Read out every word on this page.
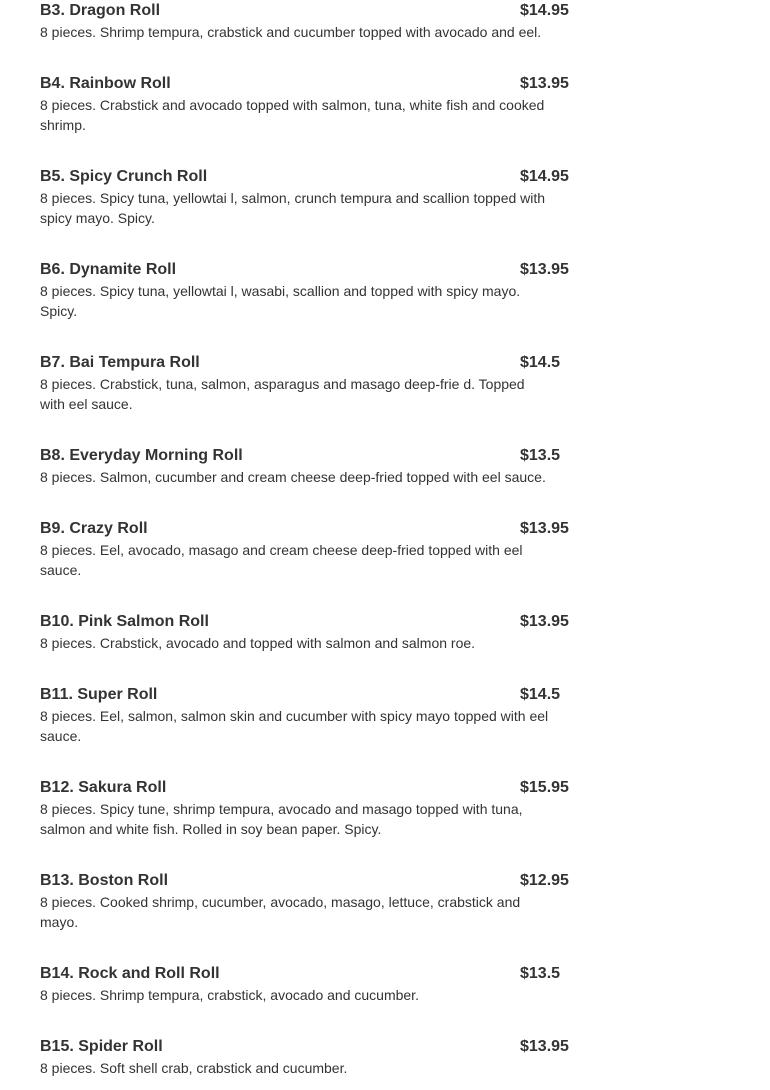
B3. Dragon Roll	$14.95
8 pieces. Shrimp tempura, crabstick and cucumber topped with avocado and eel.
B4. Rainbow Roll	$13.95
8 pieces. Crabstick and avocado topped with salmon, tuna, white fish and cooked shrimp.
B5. Spicy Crunch Roll	$14.95
8 pieces. Spicy tuna, yellowtai l, salmon, crunch tempura and scallion topped with spicy mayo. Spicy.
B6. Dynamite Roll	$13.95
8 pieces. Spicy tuna, yellowtai l, wasabi, scallion and topped with spicy mayo. Spicy.
B7. Bai Tempura Roll	$14.5
8 pieces. Crabstick, tuna, salmon, asparagus and masago deep-frie d. Topped with eel sauce.
B8. Everyday Morning Roll	$13.5
8 pieces. Salmon, cucumber and cream cheese deep-fried topped with eel sauce.
B9. Crazy Roll	$13.95
8 pieces. Eel, avocado, masago and cream cheese deep-fried topped with eel sauce.
B10. Pink Salmon Roll	$13.95
8 pieces. Crabstick, avocado and topped with salmon and salmon roe.
B11. Super Roll	$14.5
8 pieces. Eel, salmon, salmon skin and cucumber with spicy mayo topped with eel sauce.
B12. Sakura Roll	$15.95
8 pieces. Spicy tune, shrimp tempura, avocado and masago topped with tuna, salmon and white fish. Rolled in soy bean paper. Spicy.
B13. Boston Roll	$12.95
8 pieces. Cooked shrimp, cucumber, avocado, masago, lettuce, crabstick and mayo.
B14. Rock and Roll Roll	$13.5
8 pieces. Shrimp tempura, crabstick, avocado and cucumber.
B15. Spider Roll	$13.95
8 pieces. Soft shell crab, crabstick and cucumber.
